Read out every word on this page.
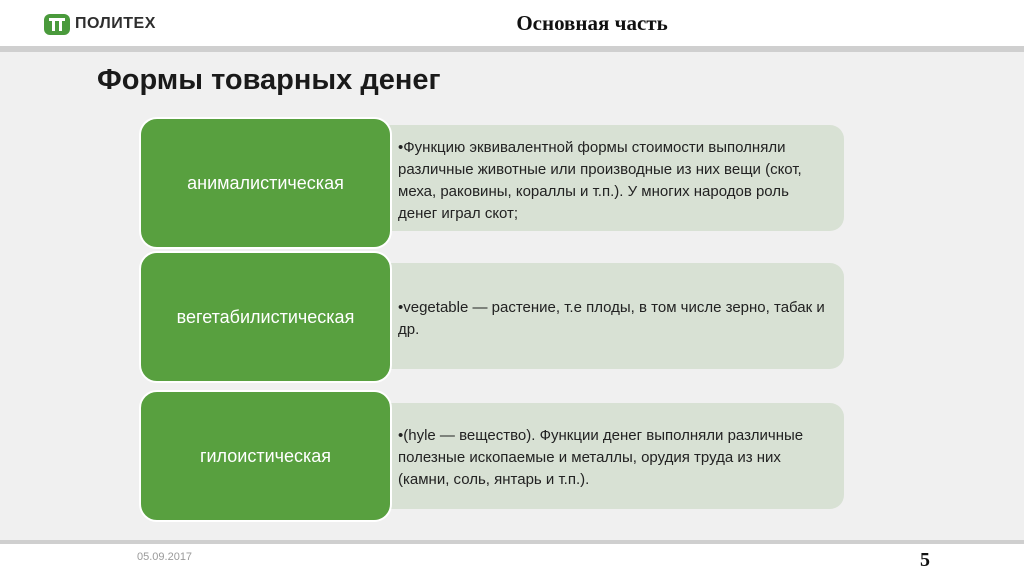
ПОЛИТЕХ	Основная часть
Формы товарных денег
•Функцию эквивалентной формы стоимости выполняли различные животные или производные из них вещи (скот, меха, раковины, кораллы и т.п.). У многих народов роль денег играл скот;
анималистическая
•vegetable — растение, т.е плоды, в том числе зерно, табак и др.
вегетабилистическая
•(hyle — вещество). Функции денег выполняли различные полезные ископаемые и металлы, орудия труда из них (камни, соль, янтарь и т.п.).
гилоистическая
05.09.2017	5
